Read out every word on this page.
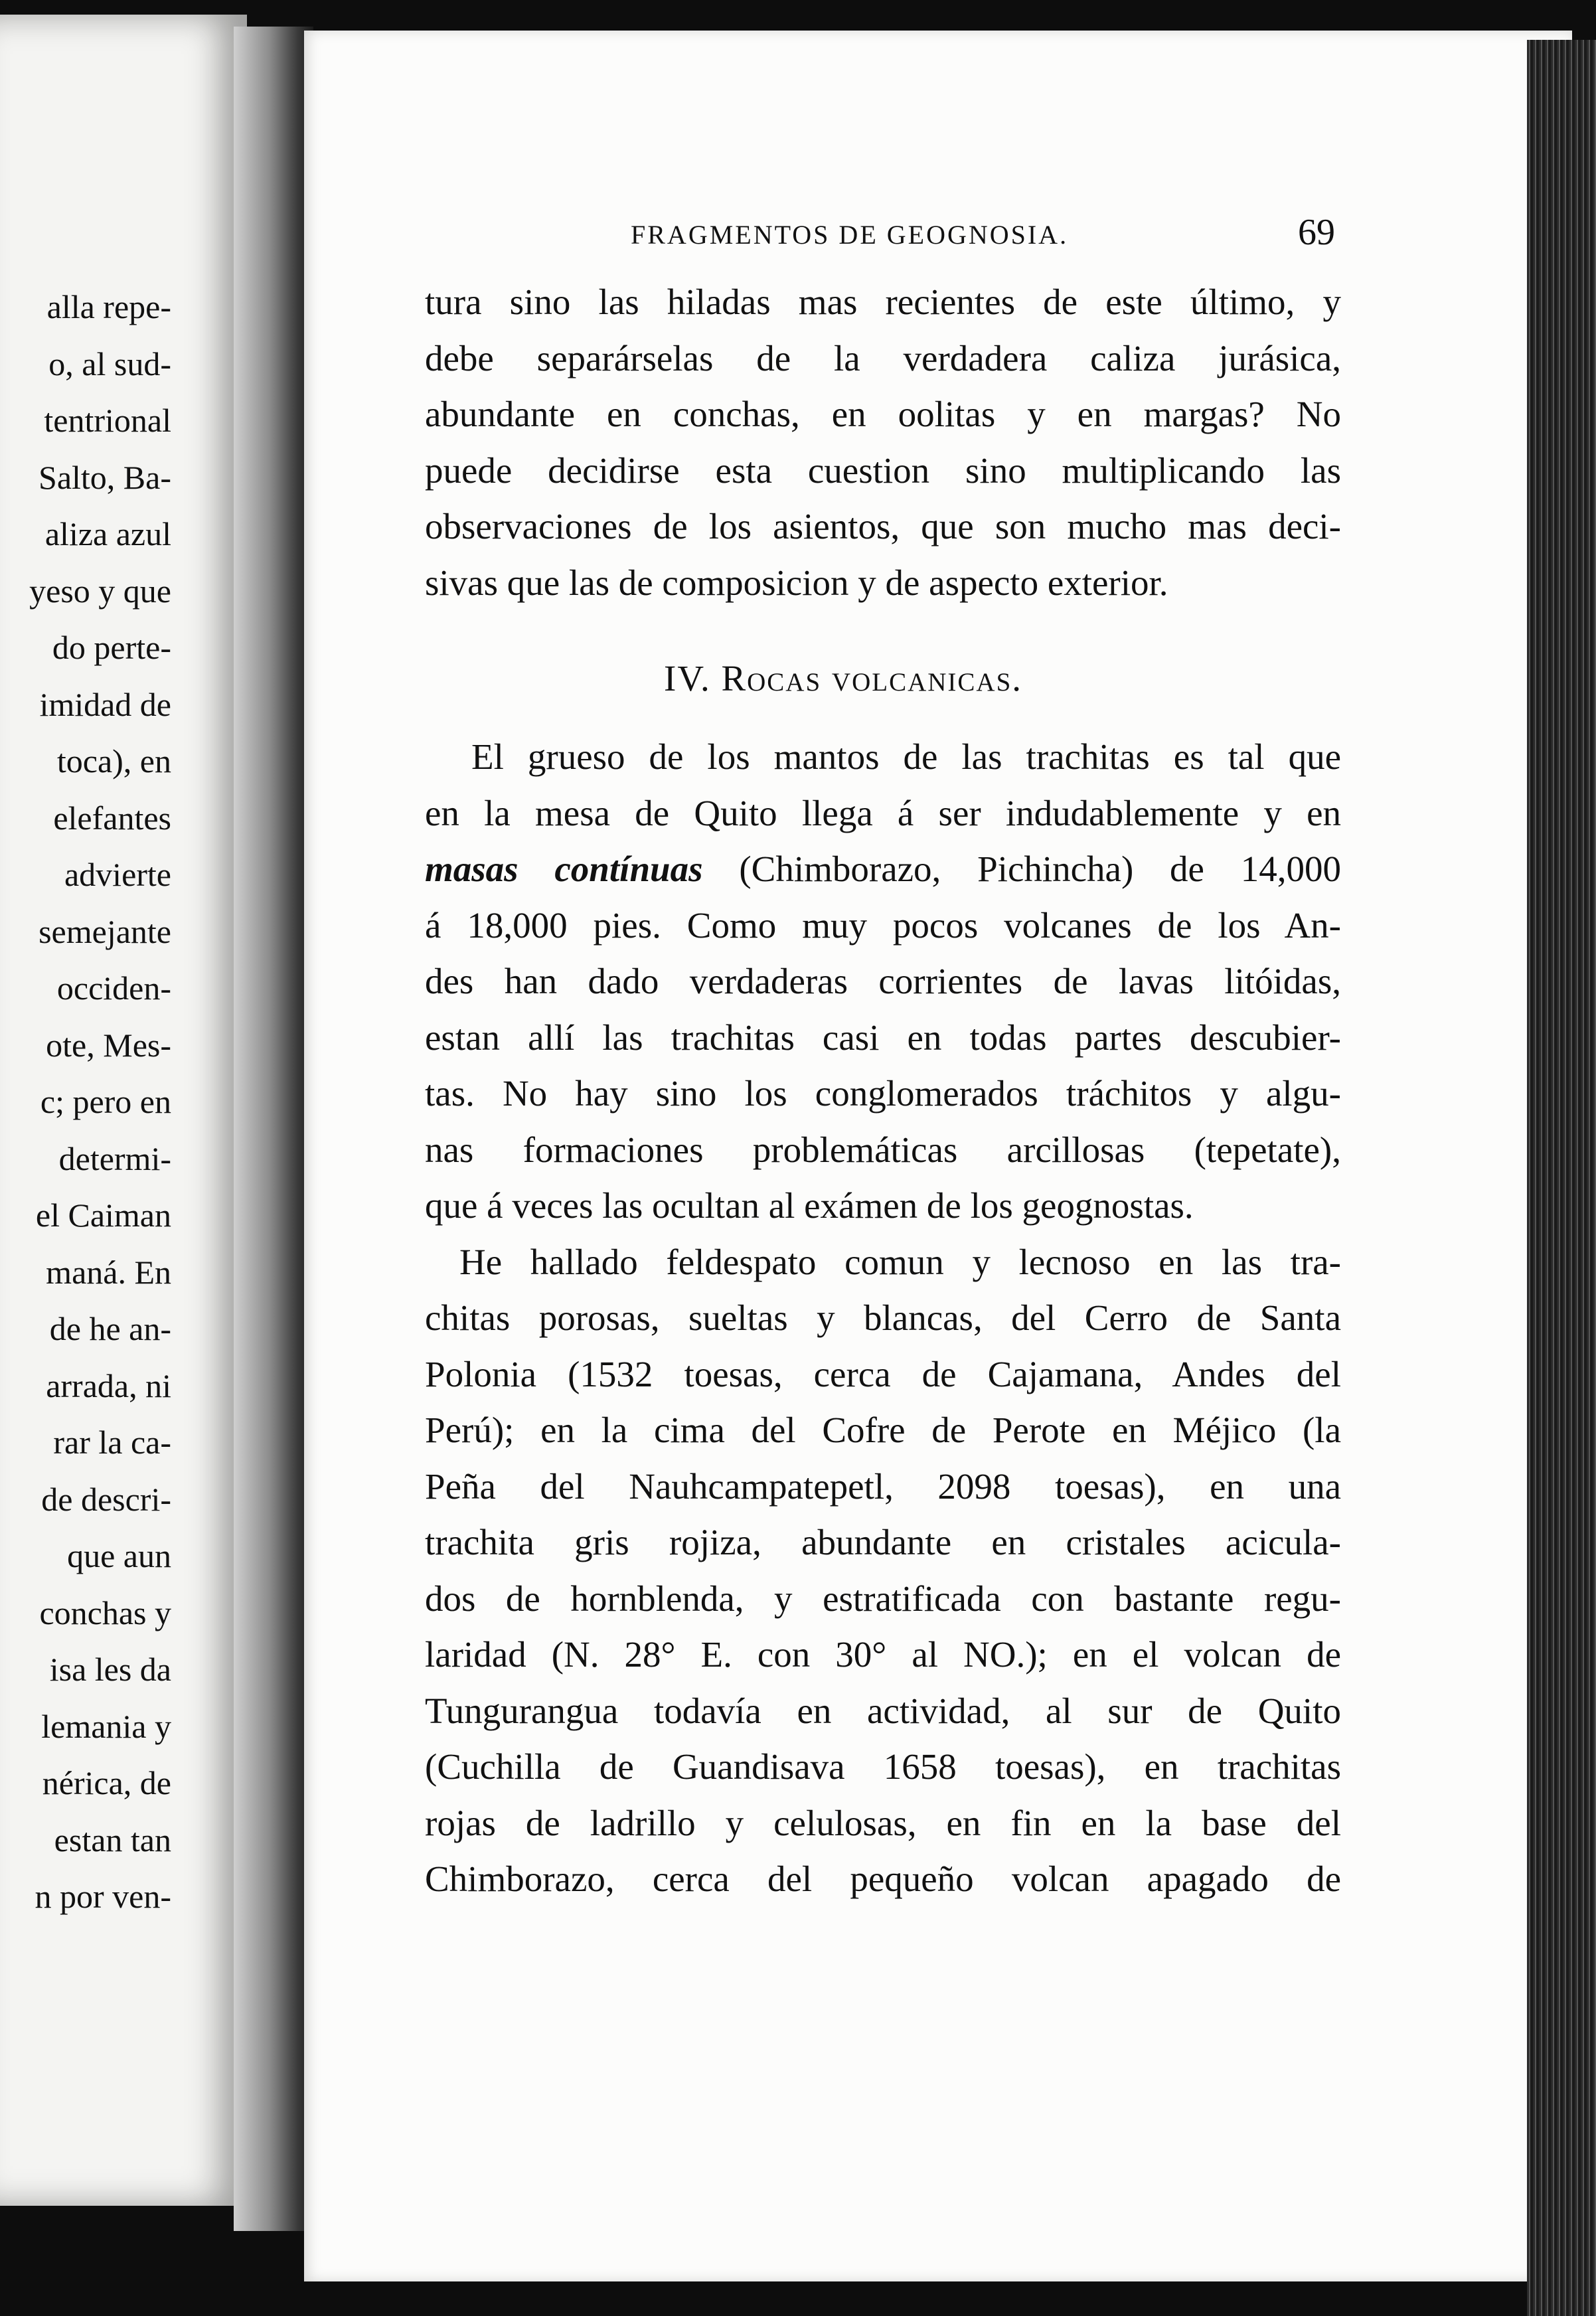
alla repe-
o, al sud-
tentrional
Salto, Ba-
aliza azul
yeso y que
do perte-
imidad de
toca), en
elefantes
advierte
semejante
occiden-
ote, Mes-
c; pero en
determi-
el Caiman
maná. En
de he an-
arrada, ni
rar la ca-
de descri-
que aun
conchas y
isa les da
lemania y
nérica, de
estan tan
n por ven-
FRAGMENTOS DE GEOGNOSIA.	69
tura sino las hiladas mas recientes de este último, y
debe separárselas de la verdadera caliza jurásica,
abundante en conchas, en oolitas y en margas? No
puede decidirse esta cuestion sino multiplicando las
observaciones de los asientos, que son mucho mas deci-
sivas que las de composicion y de aspecto exterior.
IV. Rocas volcanicas.
El grueso de los mantos de las trachitas es tal que
en la mesa de Quito llega á ser indudablemente y en
masas contínuas (Chimborazo, Pichincha) de 14,000
á 18,000 pies. Como muy pocos volcanes de los An-
des han dado verdaderas corrientes de lavas litóidas,
estan allí las trachitas casi en todas partes descubier-
tas. No hay sino los conglomerados tráchitos y algu-
nas formaciones problemáticas arcillosas (tepetate),
que á veces las ocultan al exámen de los geognostas.
He hallado feldespato comun y lecnoso en las tra-
chitas porosas, sueltas y blancas, del Cerro de Santa
Polonia (1532 toesas, cerca de Cajamana, Andes del
Perú); en la cima del Cofre de Perote en Méjico (la
Peña del Nauhcampatepetl, 2098 toesas), en una
trachita gris rojiza, abundante en cristales acicula-
dos de hornblenda, y estratificada con bastante regu-
laridad (N. 28° E. con 30° al NO.); en el volcan de
Tungurangua todavía en actividad, al sur de Quito
(Cuchilla de Guandisava 1658 toesas), en trachitas
rojas de ladrillo y celulosas, en fin en la base del
Chimborazo, cerca del pequeño volcan apagado de
